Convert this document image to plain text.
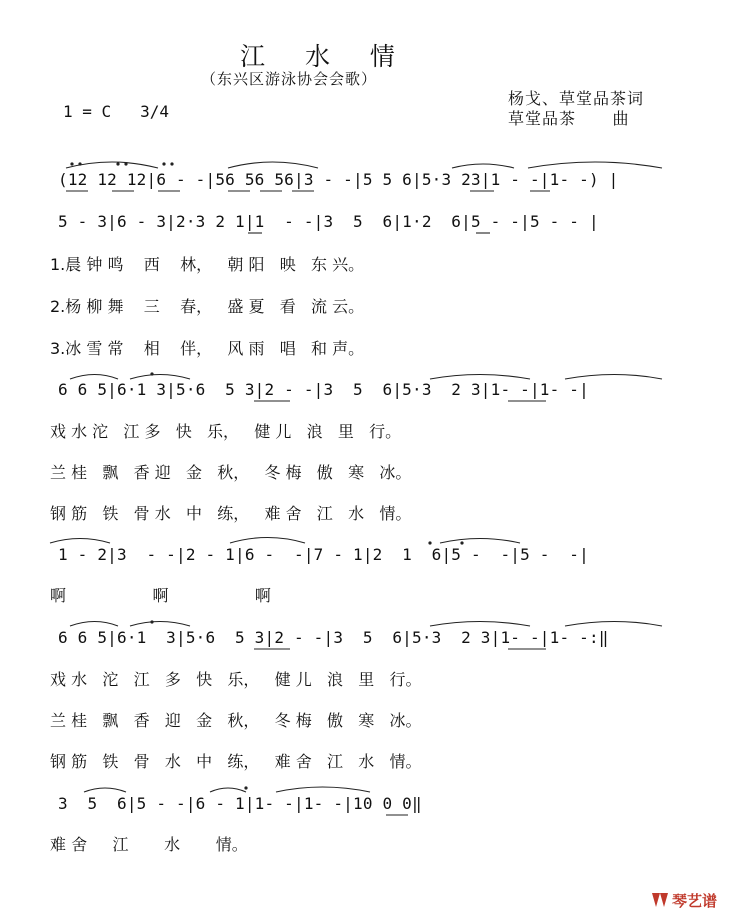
江 水 情
（东兴区游泳协会会歌）
1 = C   3/4
杨戈、草堂品茶词
草堂品茶      曲
(12 12 12|6 - -|56 56 56|3 - -|5 5 6|5·3 23|1 - -|1- -) |
5 - 3|6 - 3|2·3 2 1|1  - -|3  5  6|1·2  6|5 - -|5 - - |
1.晨 钟 鸣    西    林，   朝 阳   映   东 兴。
2.杨 柳 舞    三    春，   盛 夏   看   流 云。
3.冰 雪 常    相    伴，   风 雨   唱   和 声。
6 6 5|6·1 3|5·6  5 3|2 - -|3  5  6|5·3  2 3|1- -|1- -|
戏 水 沱   江 多   快   乐，   健 儿   浪   里   行。
兰 桂   飘   香 迎   金   秋，   冬 梅   傲   寒   冰。
钢 筋   铁   骨 水   中   练，   难 舍   江   水   情。
1 - 2|3  - -|2 - 1|6 -  -|7 - 1|2  1  6|5 -  -|5 -  -|
啊                 啊                 啊
6 6 5|6·1  3|5·6  5 3|2 - -|3  5  6|5·3  2 3|1- -|1- -:‖
戏 水   沱   江   多   快   乐，   健 儿   浪   里   行。
兰 桂   飘   香   迎   金   秋，   冬 梅   傲   寒   冰。
钢 筋   铁   骨   水   中   练，   难 舍   江   水   情。
3  5  6|5 - -|6 - 1|1- -|1- -|10 0 0‖
难 舍     江       水       情。
琴艺谱
